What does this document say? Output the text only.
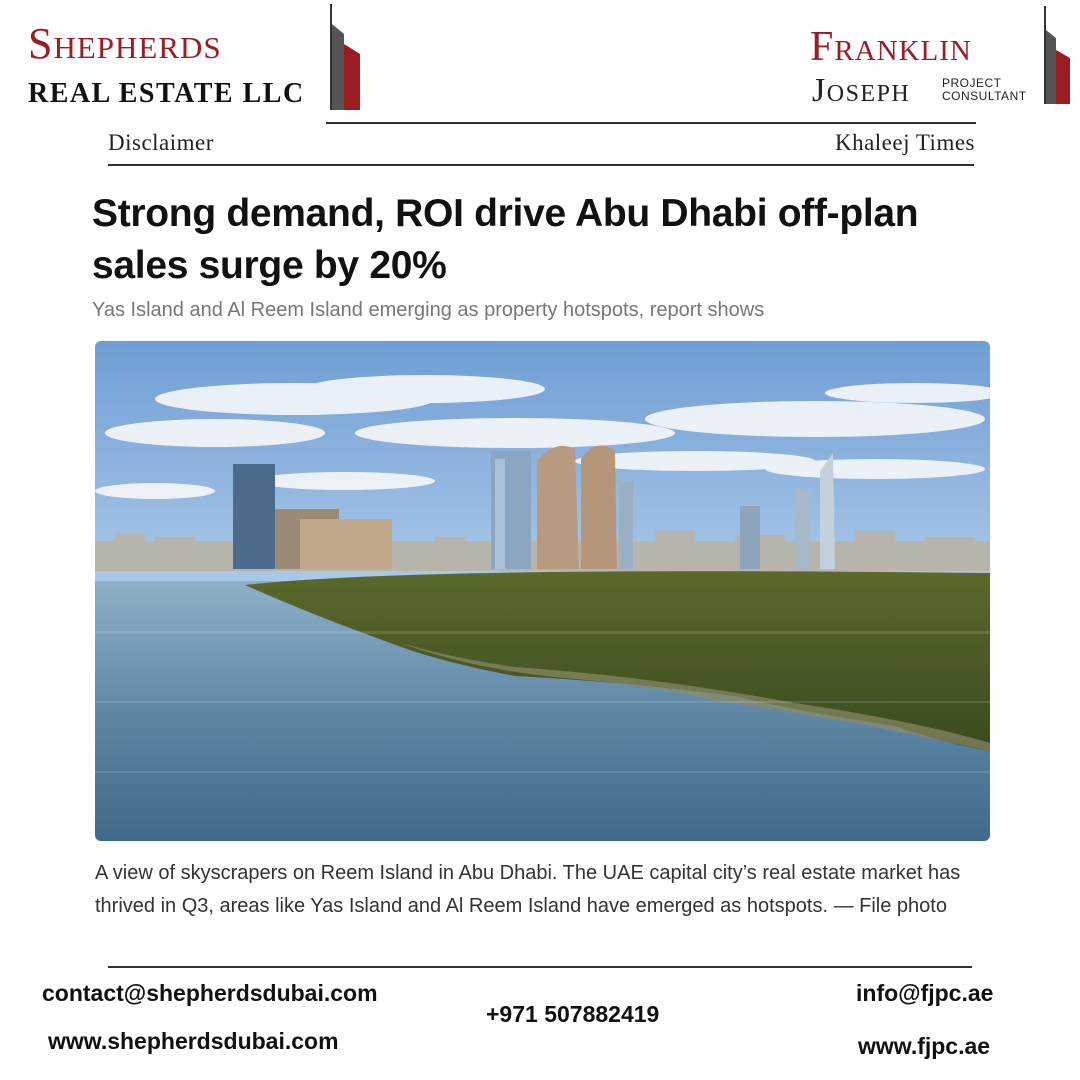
Shepherds
REAL ESTATE LLC
Franklin
Joseph	PROJECT
CONSULTANT
Disclaimer	Khaleej Times
Strong demand, ROI drive Abu Dhabi off-plan
sales surge by 20%
Yas Island and Al Reem Island emerging as property hotspots, report shows
A view of skyscrapers on Reem Island in Abu Dhabi. The UAE capital city’s real estate market has thrived in Q3, areas like Yas Island and Al Reem Island have emerged as hotspots. — File photo
contact@shepherdsdubai.com
www.shepherdsdubai.com
+971 507882419
info@fjpc.ae
www.fjpc.ae
